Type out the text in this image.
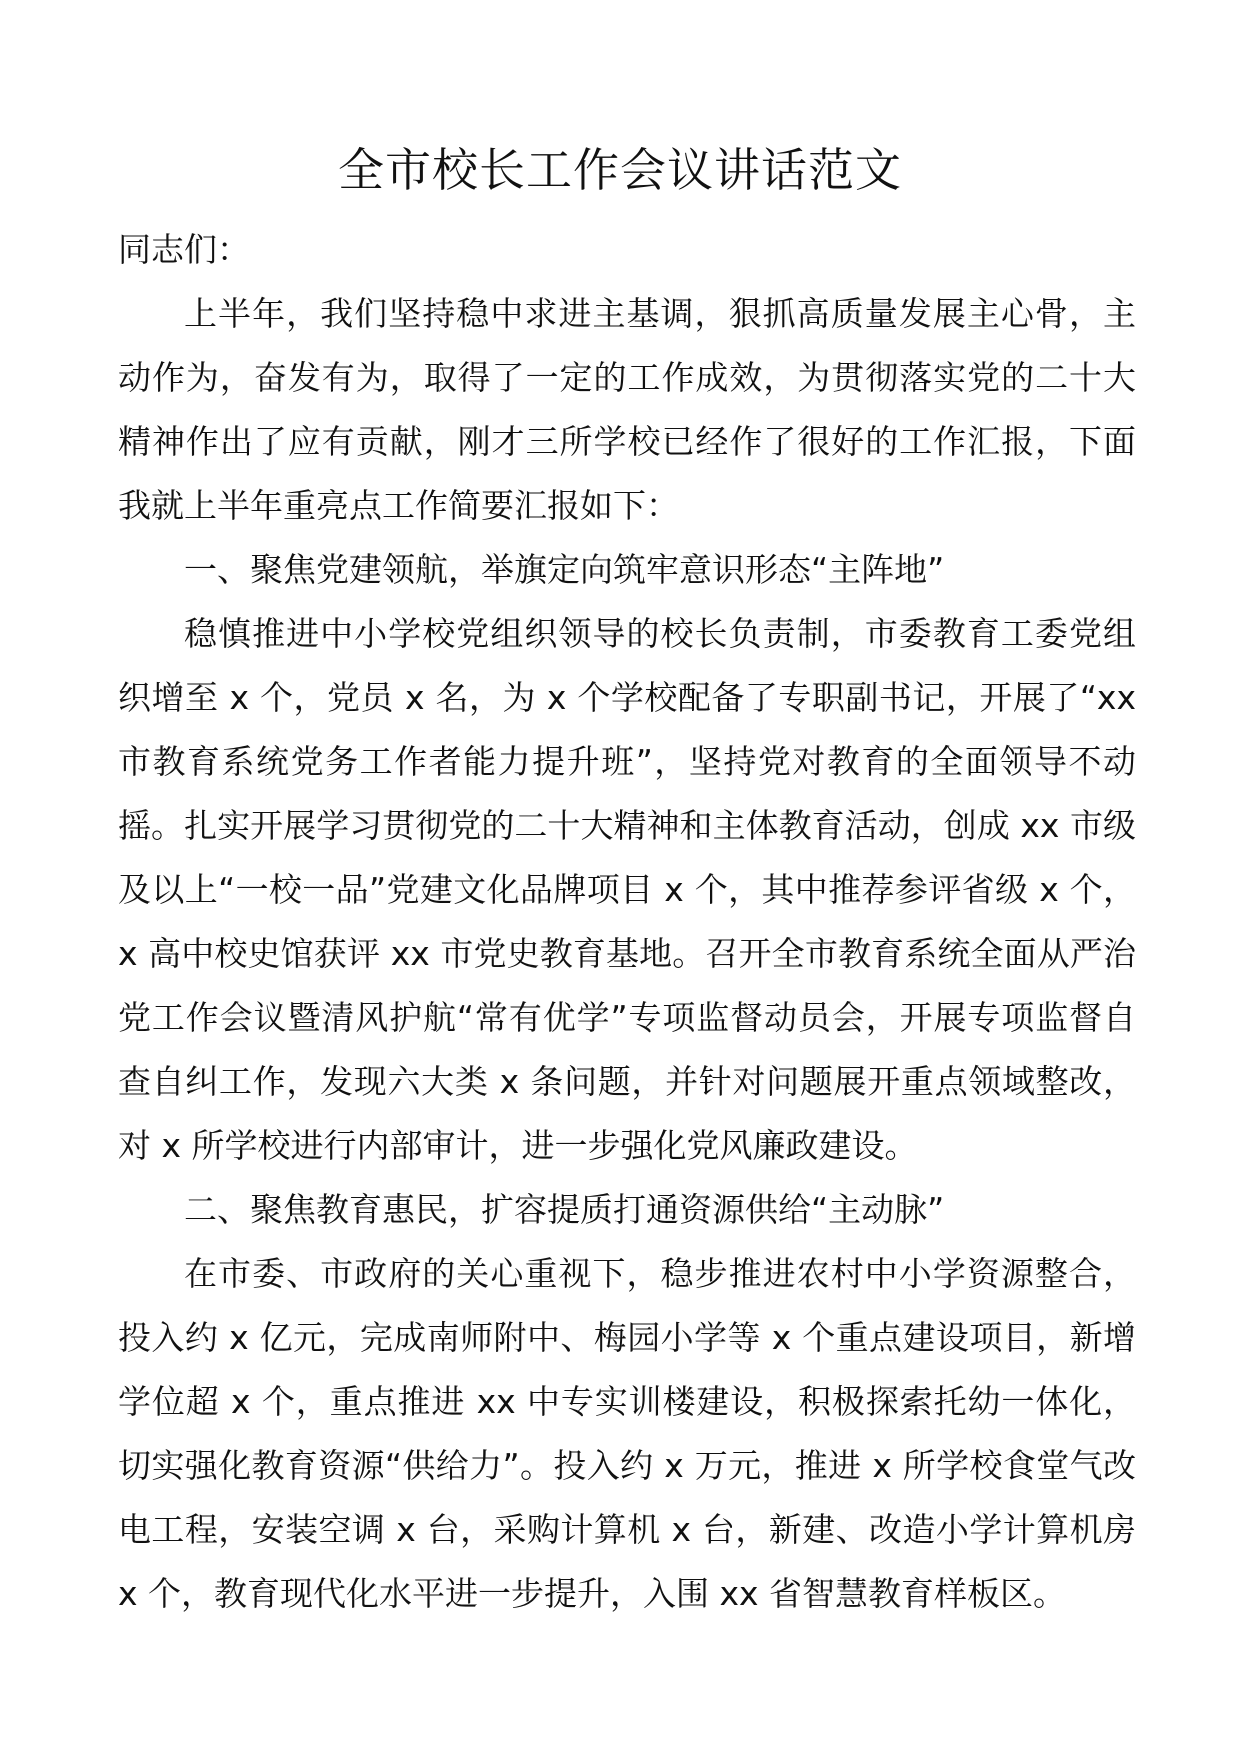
全市校长工作会议讲话范文

同志们：

上半年，我们坚持稳中求进主基调，狠抓高质量发展主心骨，主动作为，奋发有为，取得了一定的工作成效，为贯彻落实党的二十大精神作出了应有贡献，刚才三所学校已经作了很好的工作汇报，下面我就上半年重亮点工作简要汇报如下：

一、聚焦党建领航，举旗定向筑牢意识形态“主阵地”

稳慎推进中小学校党组织领导的校长负责制，市委教育工委党组织增至 x 个，党员 x 名，为 x 个学校配备了专职副书记，开展了“xx 市教育系统党务工作者能力提升班”，坚持党对教育的全面领导不动摇。扎实开展学习贯彻党的二十大精神和主体教育活动，创成 xx 市级及以上“一校一品”党建文化品牌项目 x 个，其中推荐参评省级 x 个，x 高中校史馆获评 xx 市党史教育基地。召开全市教育系统全面从严治党工作会议暨清风护航“常有优学”专项监督动员会，开展专项监督自查自纠工作，发现六大类 x 条问题，并针对问题展开重点领域整改，对 x 所学校进行内部审计，进一步强化党风廉政建设。

二、聚焦教育惠民，扩容提质打通资源供给“主动脉”

在市委、市政府的关心重视下，稳步推进农村中小学资源整合，投入约 x 亿元，完成南师附中、梅园小学等 x 个重点建设项目，新增学位超 x 个，重点推进 xx 中专实训楼建设，积极探索托幼一体化，切实强化教育资源“供给力”。投入约 x 万元，推进 x 所学校食堂气改电工程，安装空调 x 台，采购计算机 x 台，新建、改造小学计算机房 x 个，教育现代化水平进一步提升，入围 xx 省智慧教育样板区。
